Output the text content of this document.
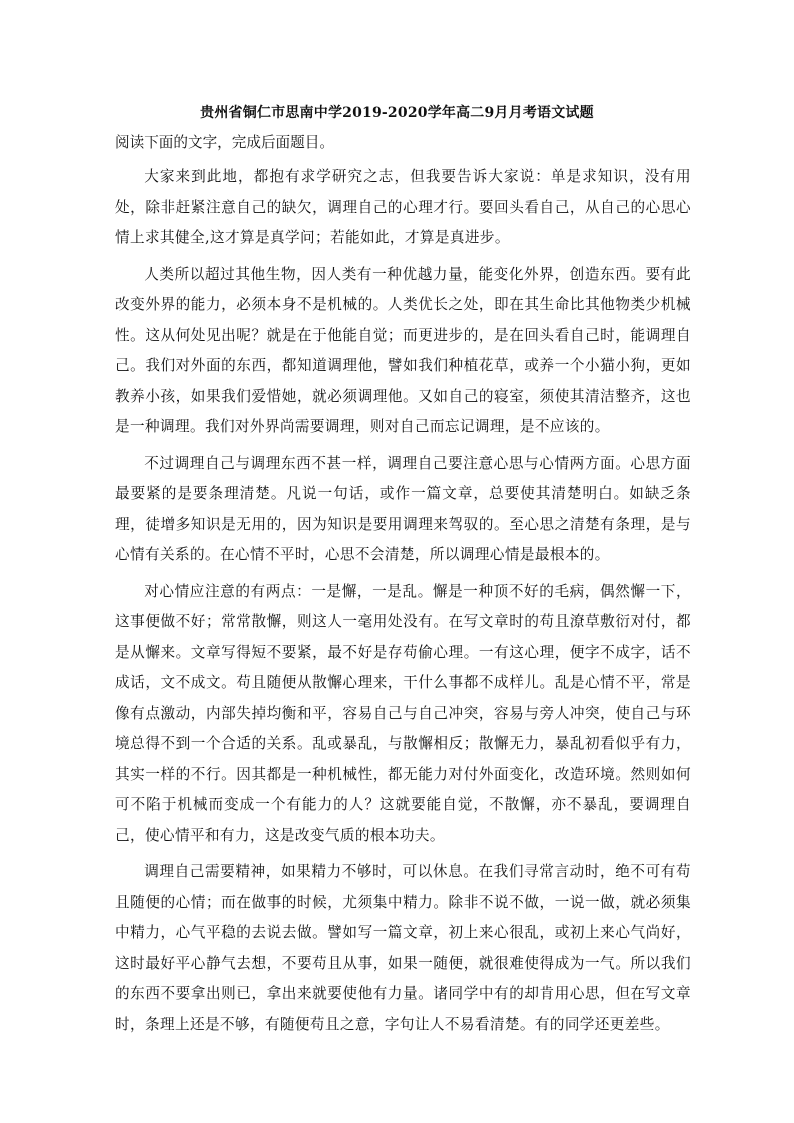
贵州省铜仁市思南中学2019-2020学年高二9月月考语文试题
阅读下面的文字，完成后面题目。

大家来到此地，都抱有求学研究之志，但我要告诉大家说：单是求知识，没有用处，除非赶紧注意自己的缺欠，调理自己的心理才行。要回头看自己，从自己的心思心情上求其健全,这才算是真学问；若能如此，才算是真进步。

人类所以超过其他生物，因人类有一种优越力量，能变化外界，创造东西。要有此改变外界的能力，必须本身不是机械的。人类优长之处，即在其生命比其他物类少机械性。这从何处见出呢？就是在于他能自觉；而更进步的，是在回头看自己时，能调理自己。我们对外面的东西，都知道调理他，譬如我们种植花草，或养一个小猫小狗，更如教养小孩，如果我们爱惜她，就必须调理他。又如自己的寝室，须使其清洁整齐，这也是一种调理。我们对外界尚需要调理，则对自己而忘记调理，是不应该的。

不过调理自己与调理东西不甚一样，调理自己要注意心思与心情两方面。心思方面最要紧的是要条理清楚。凡说一句话，或作一篇文章，总要使其清楚明白。如缺乏条理，徒增多知识是无用的，因为知识是要用调理来驾驭的。至心思之清楚有条理，是与心情有关系的。在心情不平时，心思不会清楚，所以调理心情是最根本的。

对心情应注意的有两点：一是懈，一是乱。懈是一种顶不好的毛病，偶然懈一下，这事便做不好；常常散懈，则这人一毫用处没有。在写文章时的苟且潦草敷衍对付，都是从懈来。文章写得短不要紧，最不好是存苟偷心理。一有这心理，便字不成字，话不成话，文不成文。苟且随便从散懈心理来，干什么事都不成样儿。乱是心情不平，常是像有点激动，内部失掉均衡和平，容易自己与自己冲突，容易与旁人冲突，使自己与环境总得不到一个合适的关系。乱或暴乱，与散懈相反；散懈无力，暴乱初看似乎有力，其实一样的不行。因其都是一种机械性，都无能力对付外面变化，改造环境。然则如何可不陷于机械而变成一个有能力的人？这就要能自觉，不散懈，亦不暴乱，要调理自己，使心情平和有力，这是改变气质的根本功夫。

调理自己需要精神，如果精力不够时，可以休息。在我们寻常言动时，绝不可有苟且随便的心情；而在做事的时候，尤须集中精力。除非不说不做，一说一做，就必须集中精力，心气平稳的去说去做。譬如写一篇文章，初上来心很乱，或初上来心气尚好，这时最好平心静气去想，不要苟且从事，如果一随便，就很难使得成为一气。所以我们的东西不要拿出则已，拿出来就要使他有力量。诸同学中有的却肯用心思，但在写文章时，条理上还是不够，有随便苟且之意，字句让人不易看清楚。有的同学还更差些。
